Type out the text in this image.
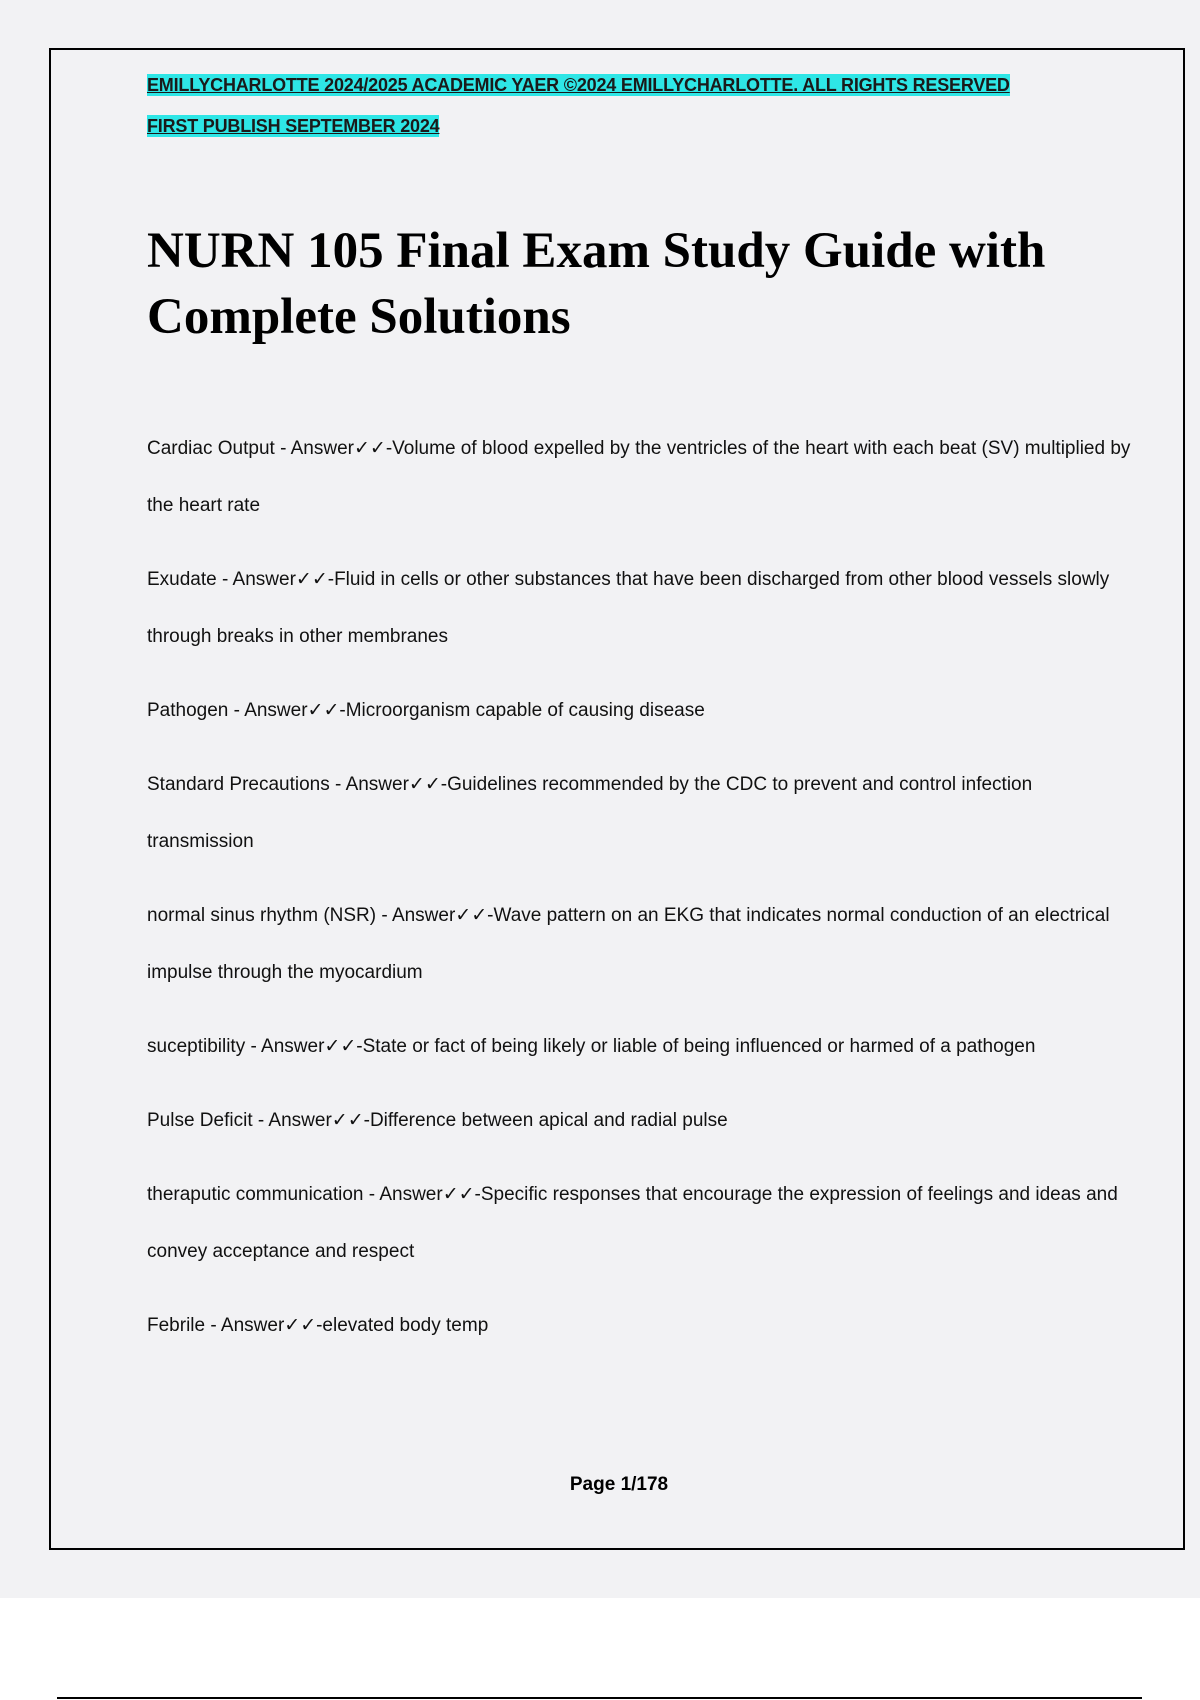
EMILLYCHARLOTTE 2024/2025 ACADEMIC YAER ©2024 EMILLYCHARLOTTE. ALL RIGHTS RESERVED
FIRST PUBLISH SEPTEMBER 2024
NURN 105 Final Exam Study Guide with Complete Solutions
Cardiac Output - Answer✓✓-Volume of blood expelled by the ventricles of the heart with each beat (SV) multiplied by the heart rate
Exudate - Answer✓✓-Fluid in cells or other substances that have been discharged from other blood vessels slowly through breaks in other membranes
Pathogen - Answer✓✓-Microorganism capable of causing disease
Standard Precautions - Answer✓✓-Guidelines recommended by the CDC to prevent and control infection transmission
normal sinus rhythm (NSR) - Answer✓✓-Wave pattern on an EKG that indicates normal conduction of an electrical impulse through the myocardium
suceptibility - Answer✓✓-State or fact of being likely or liable of being influenced or harmed of a pathogen
Pulse Deficit - Answer✓✓-Difference between apical and radial pulse
theraputic communication - Answer✓✓-Specific responses that encourage the expression of feelings and ideas and convey acceptance and respect
Febrile - Answer✓✓-elevated body temp
Page 1/178
